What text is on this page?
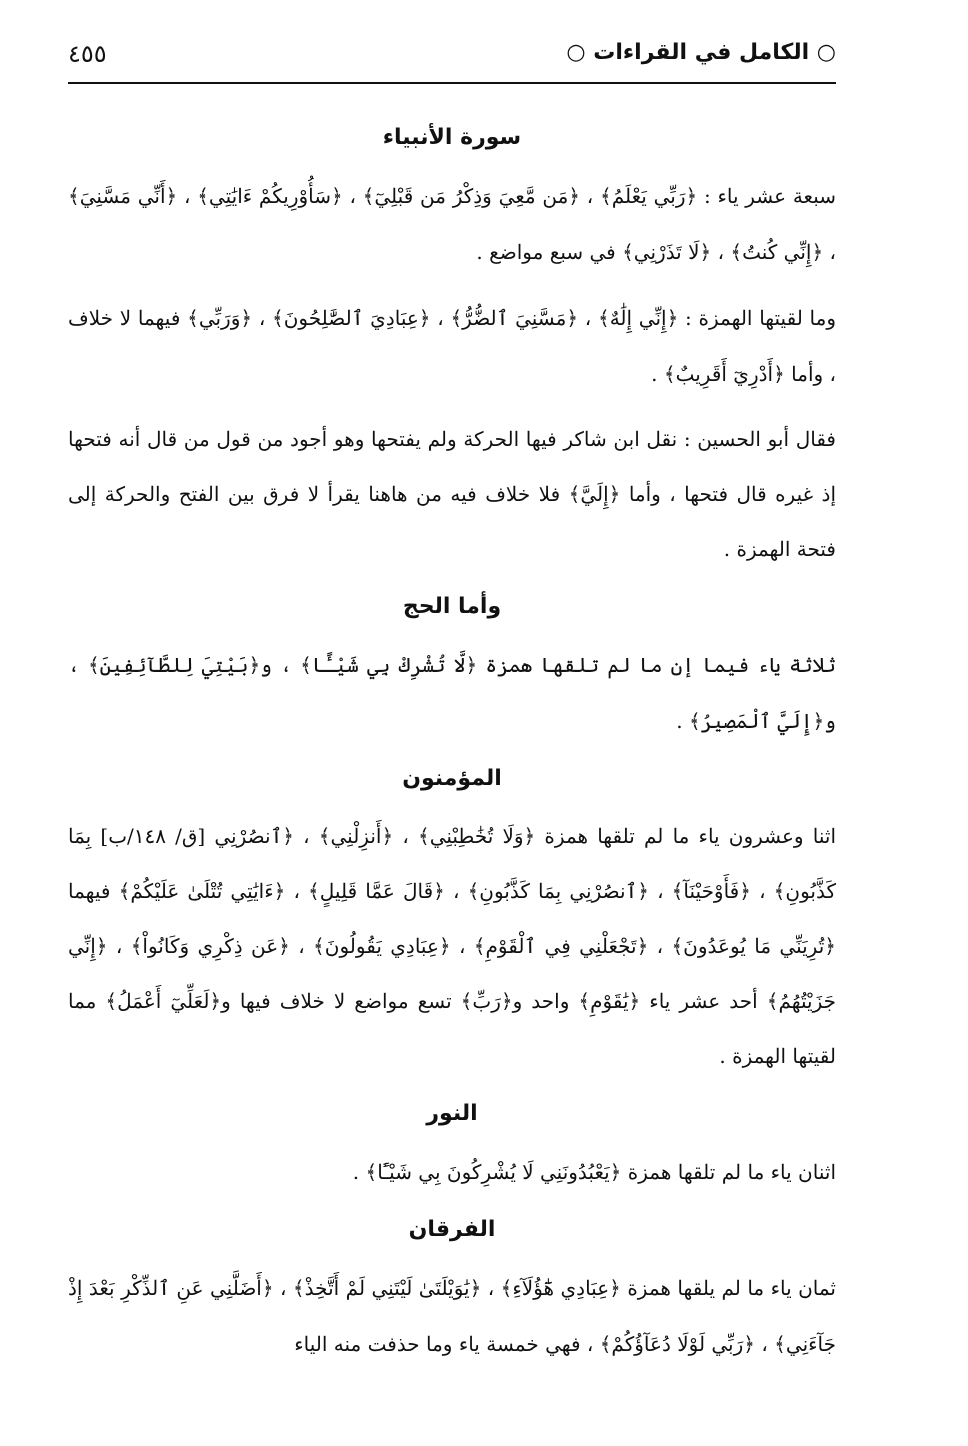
○ الكامل في القراءات ○
٤٥٥
سورة الأنبياء

سبعة عشر ياء : ﴿رَبِّي يَعْلَمُ﴾ ، ﴿مَن مَّعِيَ وَذِكْرُ مَن قَبْلِيٓ﴾ ، ﴿سَأُوْرِيكُمْ ءَايَٰتِي﴾ ، ﴿أَنِّي مَسَّنِيَ﴾ ، ﴿إِنِّي كُنتُ﴾ ، ﴿لَا تَذَرْنِي﴾ في سبع مواضع .

وما لقيتها الهمزة : ﴿إِنِّي إِلَٰهٌ﴾ ، ﴿مَسَّنِيَ ٱلضُّرُّ﴾ ، ﴿عِبَادِيَ ٱلصَّٰلِحُونَ﴾ ، ﴿وَرَبِّي﴾ فيهما لا خلاف ، وأما ﴿أَدْرِيٓ أَقَرِيبٌ﴾ .

فقال أبو الحسين : نقل ابن شاكر فيها الحركة ولم يفتحها وهو أجود من قول من قال أنه فتحها إذ غيره قال فتحها ، وأما ﴿إِلَيَّ﴾ فلا خلاف فيه من هاهنا يقرأ لا فرق بين الفتح والحركة إلى فتحة الهمزة .

وأما الحج

ثلاثة ياء فيما إن ما لم تلقها همزة ﴿لَّا تُشْرِكْ بِي شَيْـًٔا﴾ ، و﴿بَيْتِيَ لِلطَّآئِفِينَ﴾ ، و﴿إِلَيَّ ٱلْمَصِيرُ﴾ .

المؤمنون

اثنا وعشرون ياء ما لم تلقها همزة ﴿وَلَا تُخَٰطِبْنِي﴾ ، ﴿أَنزِلْنِي﴾ ، ﴿ٱنصُرْنِي [ق/ ١٤٨/ب] بِمَا كَذَّبُونِ﴾ ، ﴿فَأَوْحَيْنَآ﴾ ، ﴿ٱنصُرْنِي بِمَا كَذَّبُونِ﴾ ، ﴿قَالَ عَمَّا قَلِيلٍ﴾ ، ﴿ءَايَٰتِي تُتْلَىٰ عَلَيْكُمْ﴾ فيهما ﴿تُرِيَنِّي مَا يُوعَدُونَ﴾ ، ﴿تَجْعَلْنِي فِي ٱلْقَوْمِ﴾ ، ﴿عِبَادِي يَقُولُونَ﴾ ، ﴿عَن ذِكْرِي وَكَانُواْ﴾ ، ﴿إِنِّي جَزَيْتُهُمُ﴾ أحد عشر ياء ﴿يَٰقَوْمِ﴾ واحد و﴿رَبِّ﴾ تسع مواضع لا خلاف فيها و﴿لَعَلِّيٓ أَعْمَلُ﴾ مما لقيتها الهمزة .

النور

اثنان ياء ما لم تلقها همزة ﴿يَعْبُدُونَنِي لَا يُشْرِكُونَ بِي شَيْـًٔا﴾ .

الفرقان

ثمان ياء ما لم يلقها همزة ﴿عِبَادِي هَٰٓؤُلَآءِ﴾ ، ﴿يَٰوَيْلَتَىٰ لَيْتَنِي لَمْ أَتَّخِذْ﴾ ، ﴿أَضَلَّنِي عَنِ ٱلذِّكْرِ بَعْدَ إِذْ جَآءَنِي﴾ ، ﴿رَبِّي لَوْلَا دُعَآؤُكُمْ﴾ ، فهي خمسة ياء وما حذفت منه الياء
